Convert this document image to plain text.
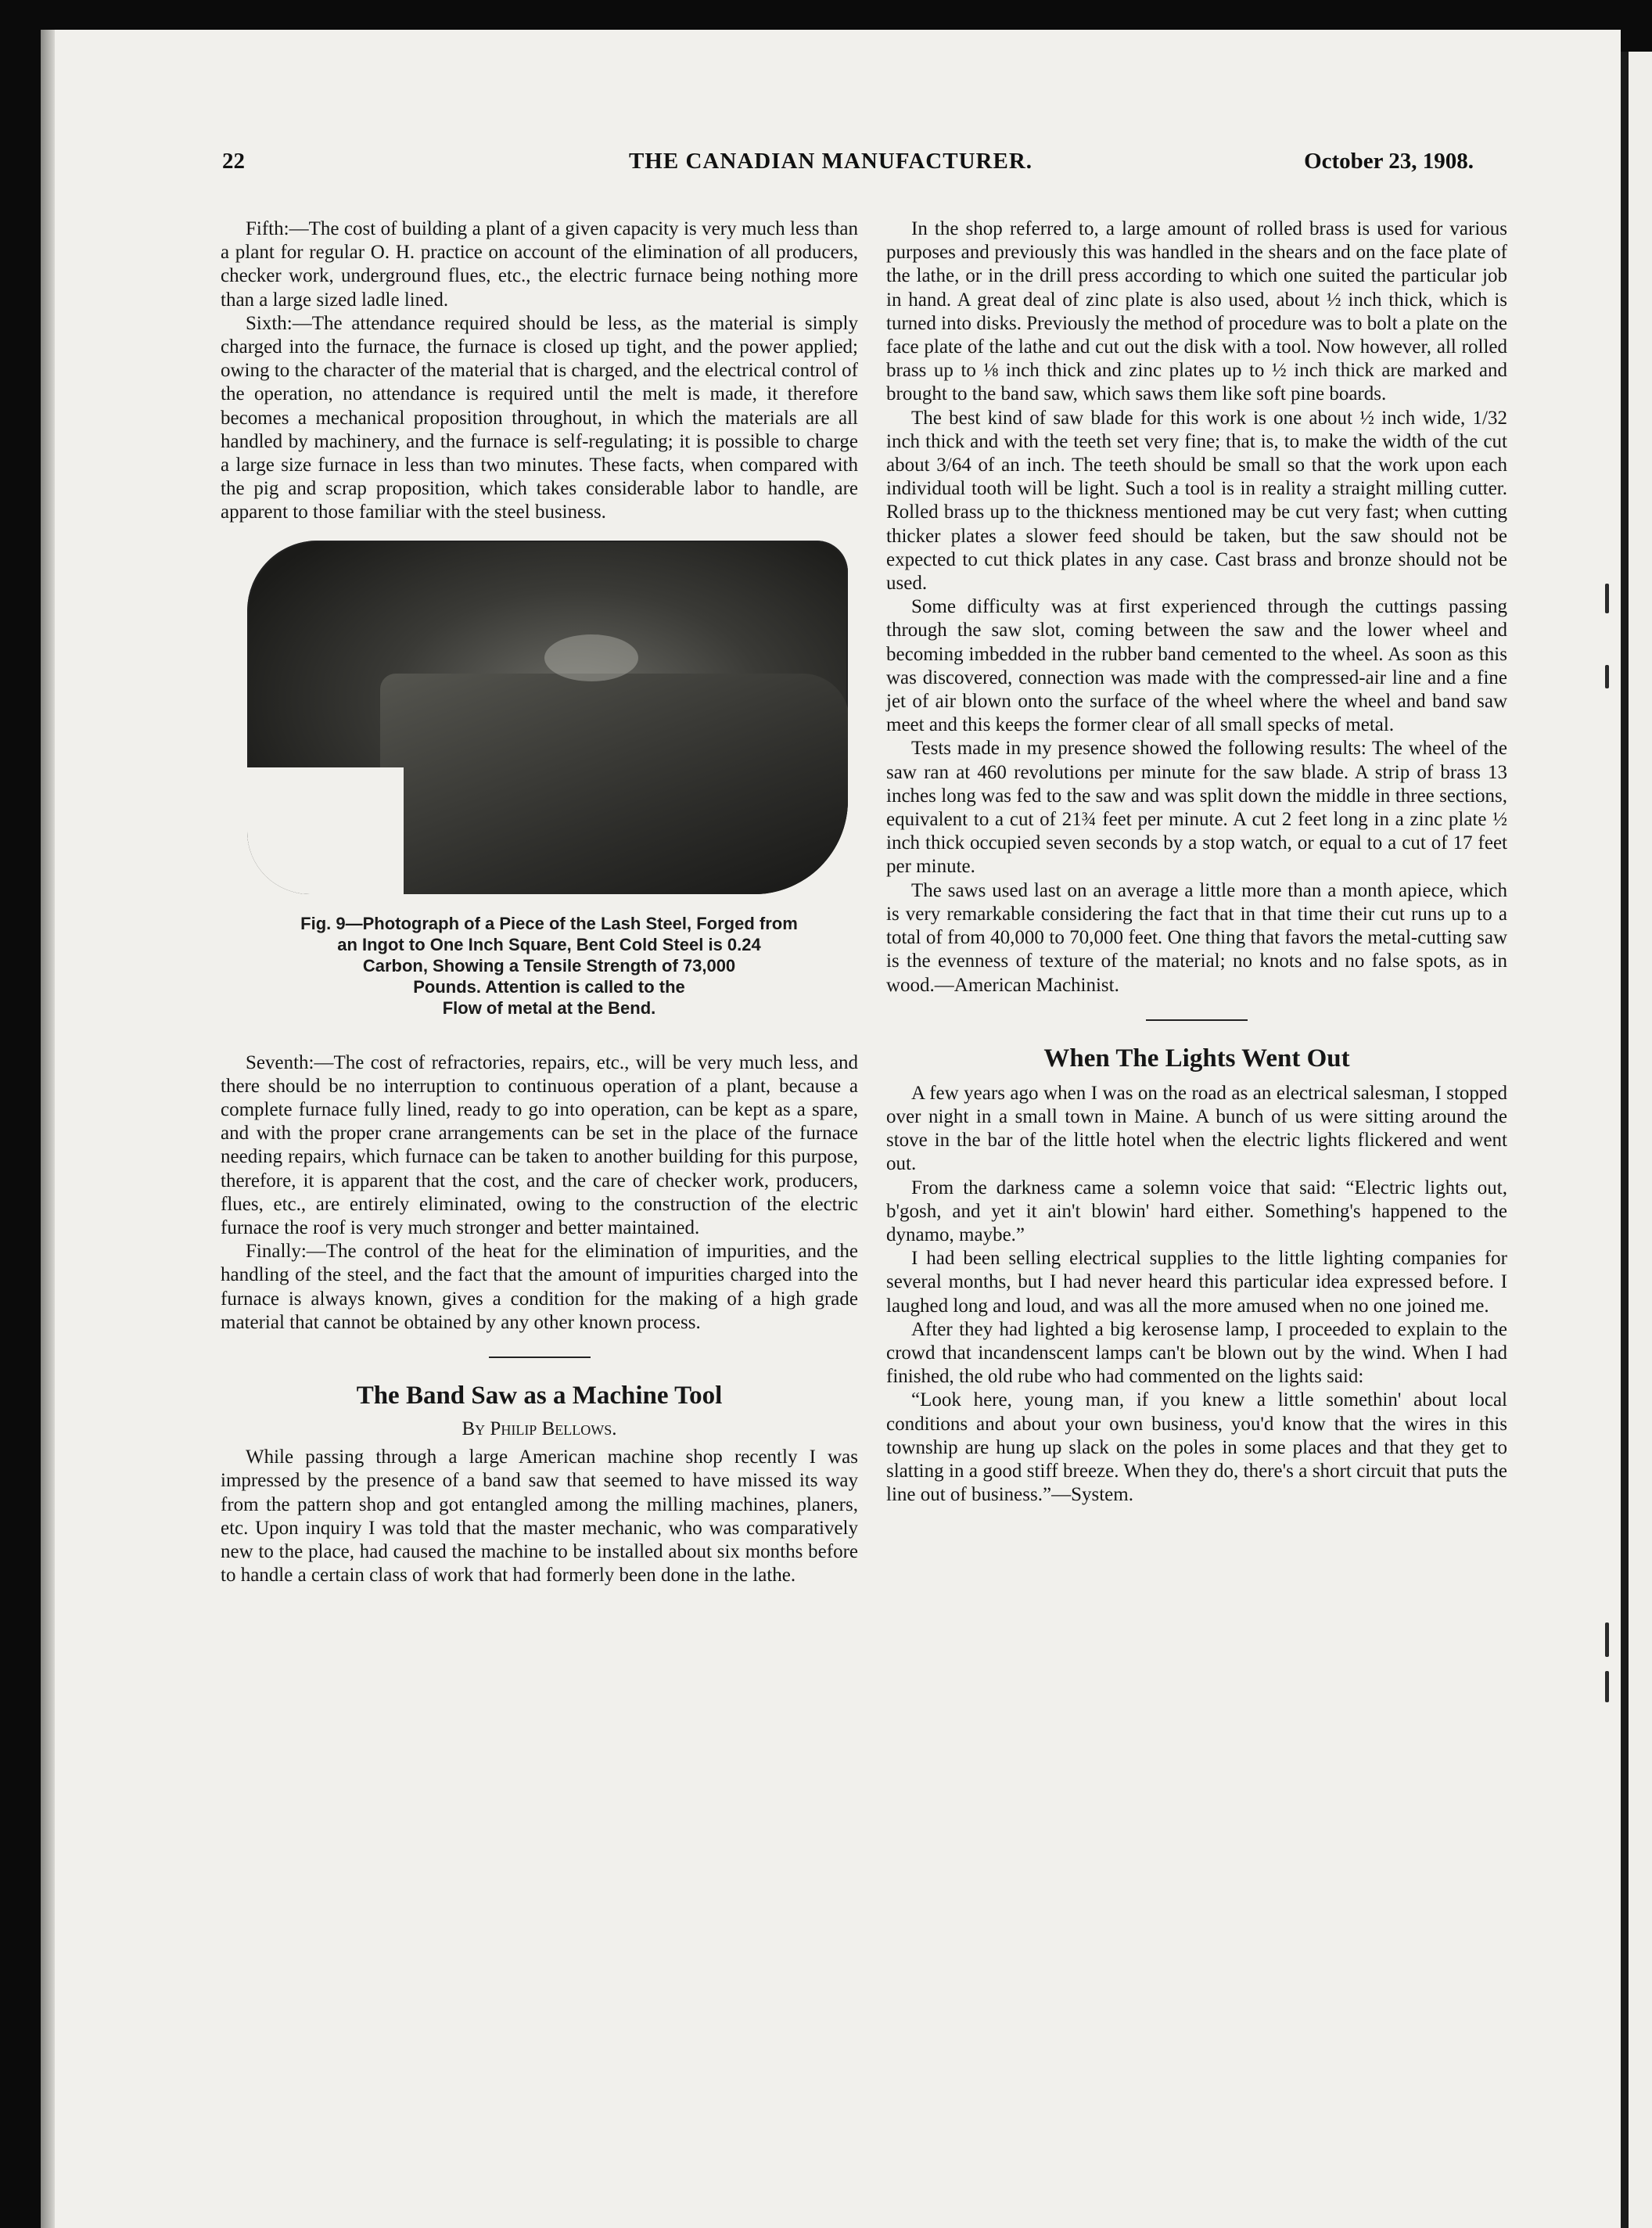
22	THE CANADIAN MANUFACTURER.	October 23, 1908.

Fifth:—The cost of building a plant of a given capacity is very much less than a plant for regular O. H. practice on account of the elimination of all producers, checker work, underground flues, etc., the electric furnace being nothing more than a large sized ladle lined.

Sixth:—The attendance required should be less, as the material is simply charged into the furnace, the furnace is closed up tight, and the power applied; owing to the character of the material that is charged, and the electrical control of the operation, no attendance is required until the melt is made, it therefore becomes a mechanical proposition throughout, in which the materials are all handled by machinery, and the furnace is self-regulating; it is possible to charge a large size furnace in less than two minutes. These facts, when compared with the pig and scrap proposition, which takes considerable labor to handle, are apparent to those familiar with the steel business.

Fig. 9—Photograph of a Piece of the Lash Steel, Forged from
an Ingot to One Inch Square, Bent Cold Steel is 0.24
Carbon, Showing a Tensile Strength of 73,000
Pounds. Attention is called to the
Flow of metal at the Bend.

Seventh:—The cost of refractories, repairs, etc., will be very much less, and there should be no interruption to continuous operation of a plant, because a complete furnace fully lined, ready to go into operation, can be kept as a spare, and with the proper crane arrangements can be set in the place of the furnace needing repairs, which furnace can be taken to another building for this purpose, therefore, it is apparent that the cost, and the care of checker work, producers, flues, etc., are entirely eliminated, owing to the construction of the electric furnace the roof is very much stronger and better maintained.

Finally:—The control of the heat for the elimination of impurities, and the handling of the steel, and the fact that the amount of impurities charged into the furnace is always known, gives a condition for the making of a high grade material that cannot be obtained by any other known process.

The Band Saw as a Machine Tool
By Philip Bellows.

While passing through a large American machine shop recently I was impressed by the presence of a band saw that seemed to have missed its way from the pattern shop and got entangled among the milling machines, planers, etc. Upon inquiry I was told that the master mechanic, who was comparatively new to the place, had caused the machine to be installed about six months before to handle a certain class of work that had formerly been done in the lathe.

In the shop referred to, a large amount of rolled brass is used for various purposes and previously this was handled in the shears and on the face plate of the lathe, or in the drill press according to which one suited the particular job in hand. A great deal of zinc plate is also used, about ½ inch thick, which is turned into disks. Previously the method of procedure was to bolt a plate on the face plate of the lathe and cut out the disk with a tool. Now however, all rolled brass up to ⅛ inch thick and zinc plates up to ½ inch thick are marked and brought to the band saw, which saws them like soft pine boards.

The best kind of saw blade for this work is one about ½ inch wide, 1/32 inch thick and with the teeth set very fine; that is, to make the width of the cut about 3/64 of an inch. The teeth should be small so that the work upon each individual tooth will be light. Such a tool is in reality a straight milling cutter. Rolled brass up to the thickness mentioned may be cut very fast; when cutting thicker plates a slower feed should be taken, but the saw should not be expected to cut thick plates in any case. Cast brass and bronze should not be used.

Some difficulty was at first experienced through the cuttings passing through the saw slot, coming between the saw and the lower wheel and becoming imbedded in the rubber band cemented to the wheel. As soon as this was discovered, connection was made with the compressed-air line and a fine jet of air blown onto the surface of the wheel where the wheel and band saw meet and this keeps the former clear of all small specks of metal.

Tests made in my presence showed the following results: The wheel of the saw ran at 460 revolutions per minute for the saw blade. A strip of brass 13 inches long was fed to the saw and was split down the middle in three sections, equivalent to a cut of 21¾ feet per minute. A cut 2 feet long in a zinc plate ½ inch thick occupied seven seconds by a stop watch, or equal to a cut of 17 feet per minute.

The saws used last on an average a little more than a month apiece, which is very remarkable considering the fact that in that time their cut runs up to a total of from 40,000 to 70,000 feet. One thing that favors the metal-cutting saw is the evenness of texture of the material; no knots and no false spots, as in wood.—American Machinist.

When The Lights Went Out

A few years ago when I was on the road as an electrical salesman, I stopped over night in a small town in Maine. A bunch of us were sitting around the stove in the bar of the little hotel when the electric lights flickered and went out.

From the darkness came a solemn voice that said: “Electric lights out, b'gosh, and yet it ain't blowin' hard either. Something's happened to the dynamo, maybe.”

I had been selling electrical supplies to the little lighting companies for several months, but I had never heard this particular idea expressed before. I laughed long and loud, and was all the more amused when no one joined me.

After they had lighted a big kerosense lamp, I proceeded to explain to the crowd that incandenscent lamps can't be blown out by the wind. When I had finished, the old rube who had commented on the lights said:

“Look here, young man, if you knew a little somethin' about local conditions and about your own business, you'd know that the wires in this township are hung up slack on the poles in some places and that they get to slatting in a good stiff breeze. When they do, there's a short circuit that puts the line out of business.”—System.
